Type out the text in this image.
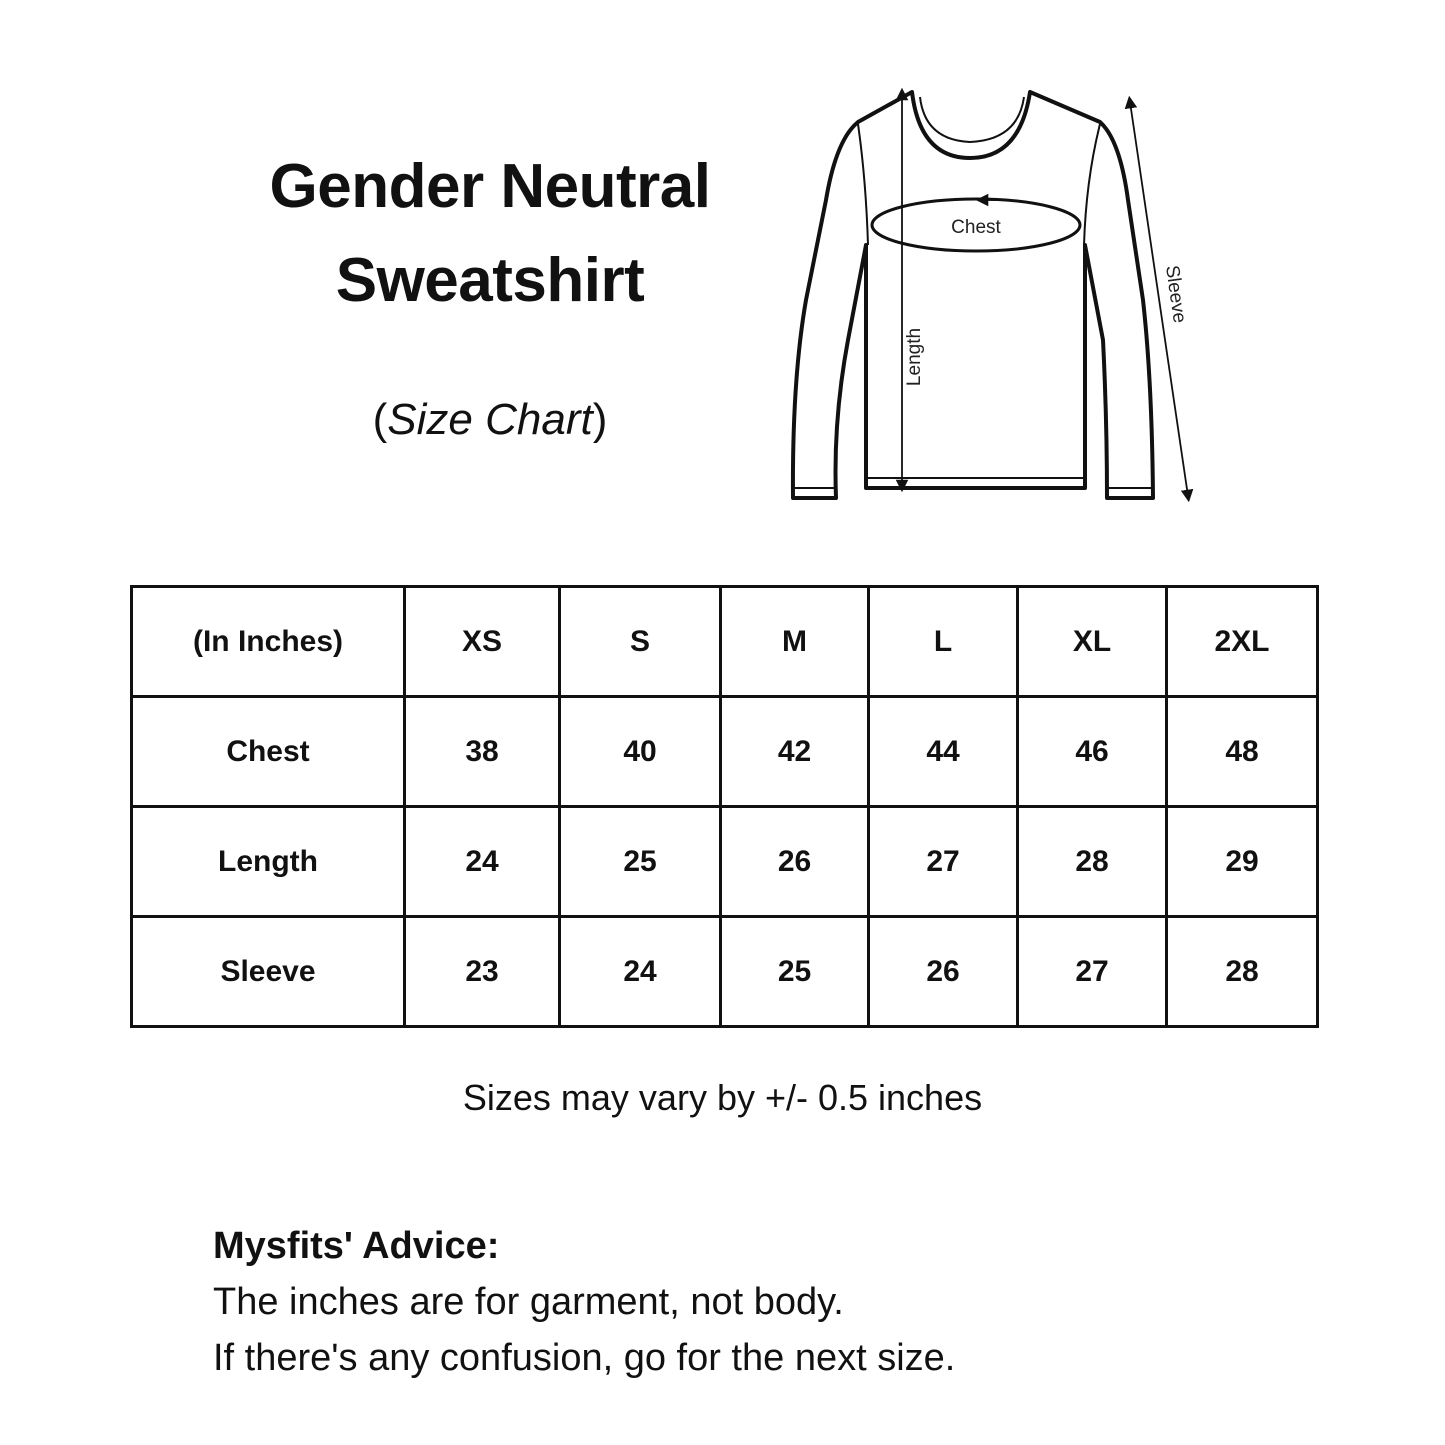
Gender Neutral
Sweatshirt
(Size Chart)
Chest
Length
Sleeve
(In Inches)	XS	S	M	L	XL	2XL
Chest	38	40	42	44	46	48
Length	24	25	26	27	28	29
Sleeve	23	24	25	26	27	28
Sizes may vary by +/- 0.5 inches
Mysfits' Advice:
The inches are for garment, not body.
If there's any confusion, go for the next size.
